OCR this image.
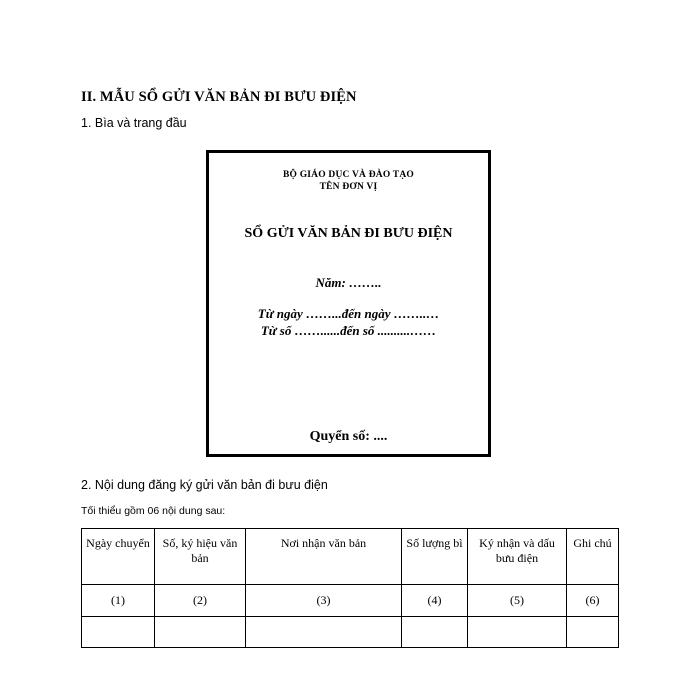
II. MẪU SỔ GỬI VĂN BẢN ĐI BƯU ĐIỆN
1. Bìa và trang đầu
BỘ GIÁO DỤC VÀ ĐÀO TẠO
TÊN ĐƠN VỊ
SỔ GỬI VĂN BẢN ĐI BƯU ĐIỆN
Năm: ……..
Từ ngày ……...đến ngày ……..…
Từ số ……......đến số ..........……
Quyển số: ....
2. Nội dung đăng ký gửi văn bản đi bưu điện
Tối thiểu gồm 06 nội dung sau:
Ngày chuyển	Số, ký hiệu văn bản	Nơi nhận văn bản	Số lượng bì	Ký nhận và dấu bưu điện	Ghi chú
(1)	(2)	(3)	(4)	(5)	(6)
